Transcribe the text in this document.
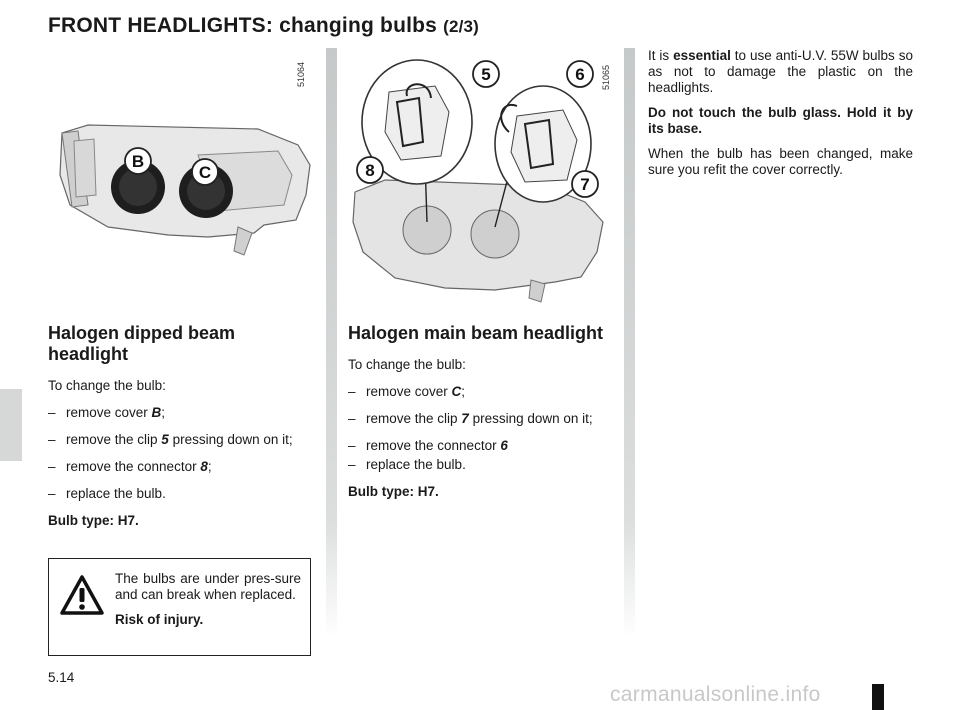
FRONT HEADLIGHTS: changing bulbs (2/3)
B
C
51064	5	6
8
7
51065
Halogen dipped beam headlight

To change the bulb:

– remove cover B;
– remove the clip 5 pressing down on it;
– remove the connector 8;
– replace the bulb.

Bulb type: H7.

Halogen main beam headlight

To change the bulb:

– remove cover C;
– remove the clip 7 pressing down on it;
– remove the connector 6
– replace the bulb.

Bulb type: H7.

It is essential to use anti-U.V. 55W bulbs so as not to damage the plastic on the headlights.

Do not touch the bulb glass. Hold it by its base.

When the bulb has been changed, make sure you refit the cover correctly.

The bulbs are under pres-sure and can break when replaced.

Risk of injury.

5.14
carmanualsonline.info
